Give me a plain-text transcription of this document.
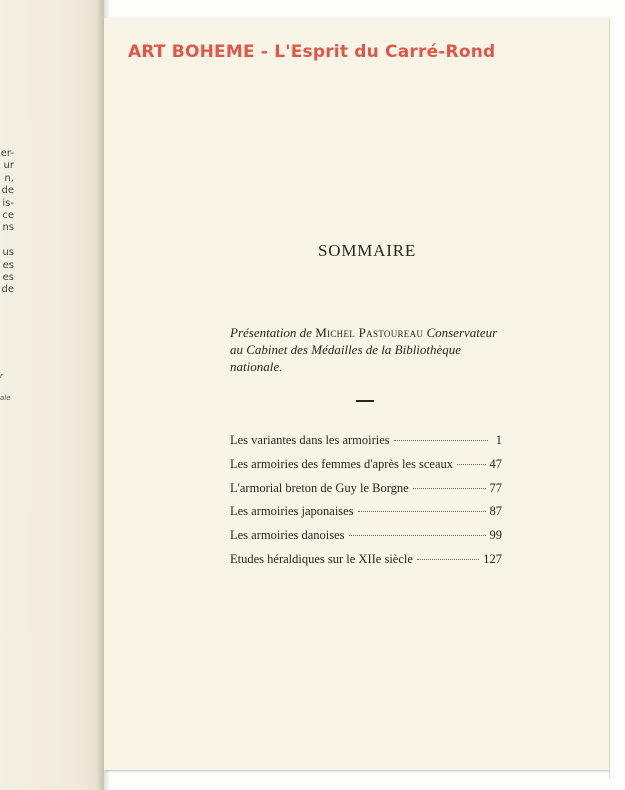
er-
ur
n,
de
is-
ce
ns

us
es
es
de
r
ale
ART BOHEME - L'Esprit du Carré-Rond
SOMMAIRE
Présentation de Michel Pastoureau Conservateur au Cabinet des Médailles de la Bibliothèque nationale.
Les variantes dans les armoiries	1
Les armoiries des femmes d'après les sceaux	47
L'armorial breton de Guy le Borgne	77
Les armoiries japonaises	87
Les armoiries danoises	99
Etudes héraldiques sur le XIIe siècle	127
